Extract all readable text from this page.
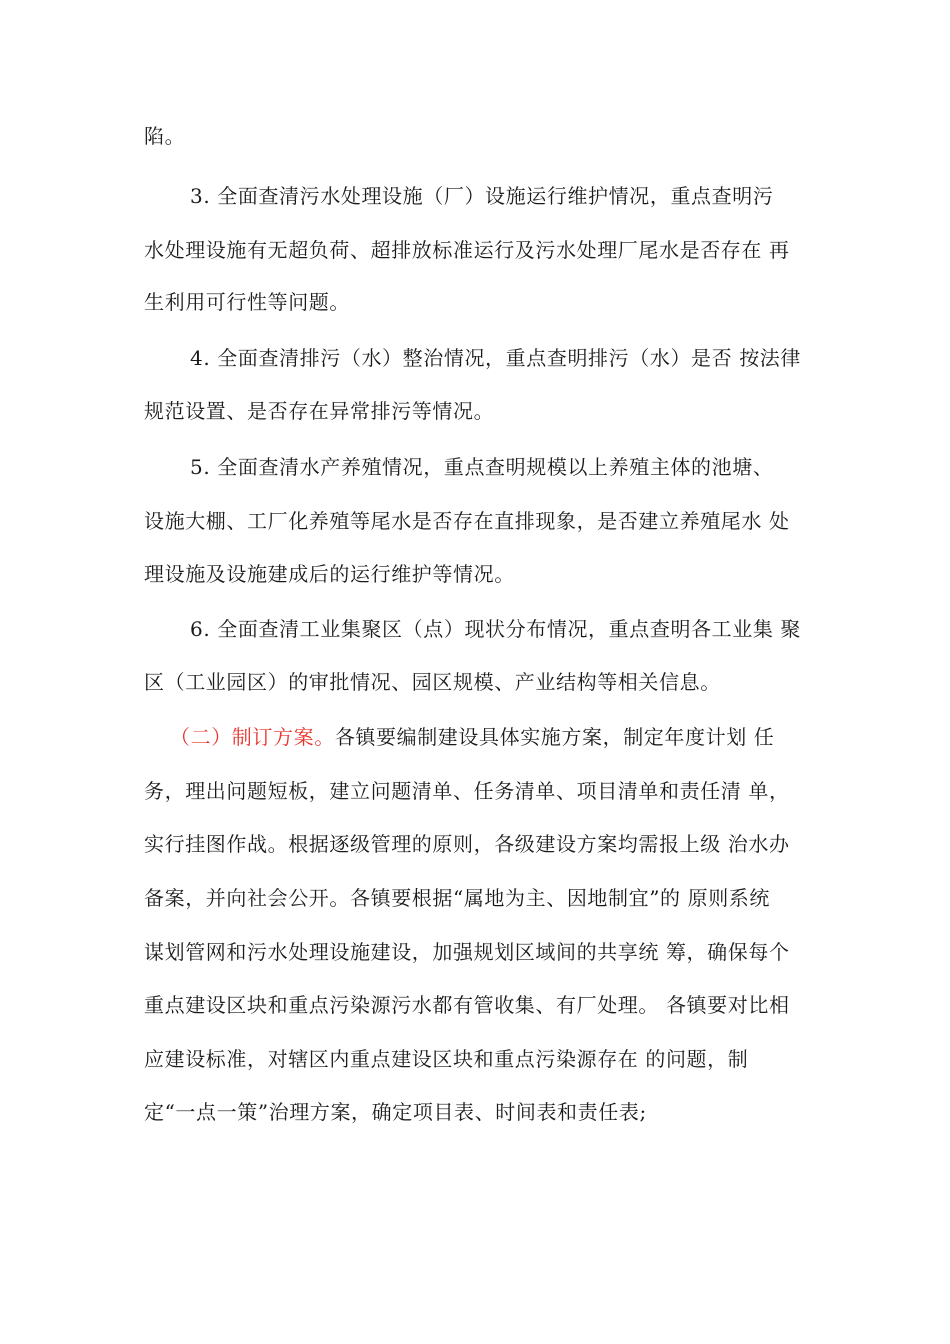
陷。
3. 全面查清污水处理设施（厂）设施运行维护情况，重点查明污
水处理设施有无超负荷、超排放标准运行及污水处理厂尾水是否存在 再
生利用可行性等问题。
4. 全面查清排污（水）整治情况，重点查明排污（水）是否 按法律
规范设置、是否存在异常排污等情况。
5. 全面查清水产养殖情况，重点查明规模以上养殖主体的池塘、
设施大棚、工厂化养殖等尾水是否存在直排现象，是否建立养殖尾水 处
理设施及设施建成后的运行维护等情况。
6. 全面查清工业集聚区（点）现状分布情况，重点查明各工业集 聚
区（工业园区）的审批情况、园区规模、产业结构等相关信息。
（二）制订方案。各镇要编制建设具体实施方案，制定年度计划 任
务，理出问题短板，建立问题清单、任务清单、项目清单和责任清 单，
实行挂图作战。根据逐级管理的原则，各级建设方案均需报上级 治水办
备案，并向社会公开。各镇要根据“属地为主、因地制宜”的 原则系统
谋划管网和污水处理设施建设，加强规划区域间的共享统 筹，确保每个
重点建设区块和重点污染源污水都有管收集、有厂处理。 各镇要对比相
应建设标准，对辖区内重点建设区块和重点污染源存在 的问题，制
定“一点一策”治理方案，确定项目表、时间表和责任表;
